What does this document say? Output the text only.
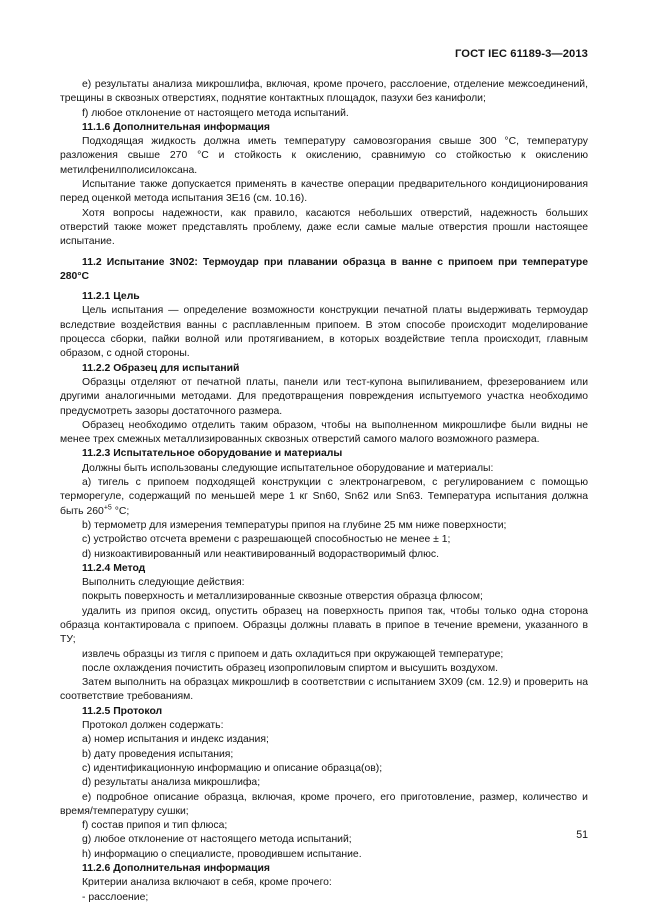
ГОСТ IEC 61189-3—2013

е) результаты анализа микрошлифа, включая, кроме прочего, расслоение, отделение межсоединений, трещины в сквозных отверстиях, поднятие контактных площадок, пазухи без канифоли;

f) любое отклонение от настоящего метода испытаний.

11.1.6 Дополнительная информация

Подходящая жидкость должна иметь температуру самовозгорания свыше 300 °С, температуру разложения свыше 270 °С и стойкость к окислению, сравнимую со стойкостью к окислению метилфенилполисилоксана.

Испытание также допускается применять в качестве операции предварительного кондиционирования перед оценкой метода испытания 3Е16 (см. 10.16).

Хотя вопросы надежности, как правило, касаются небольших отверстий, надежность больших отверстий также может представлять проблему, даже если самые малые отверстия прошли настоящее испытание.

11.2 Испытание 3N02: Термоудар при плавании образца в ванне с припоем при температуре 280°С

11.2.1 Цель

Цель испытания — определение возможности конструкции печатной платы выдерживать термоудар вследствие воздействия ванны с расплавленным припоем. В этом способе происходит моделирование процесса сборки, пайки волной или протягиванием, в которых воздействие тепла происходит, главным образом, с одной стороны.

11.2.2 Образец для испытаний

Образцы отделяют от печатной платы, панели или тест-купона выпиливанием, фрезерованием или другими аналогичными методами. Для предотвращения повреждения испытуемого участка необходимо предусмотреть зазоры достаточного размера.

Образец необходимо отделить таким образом, чтобы на выполненном микрошлифе были видны не менее трех смежных металлизированных сквозных отверстий самого малого возможного размера.

11.2.3 Испытательное оборудование и материалы

Должны быть использованы следующие испытательное оборудование и материалы:

а) тигель с припоем подходящей конструкции с электронагревом, с регулированием с помощью терморегуле, содержащий по меньшей мере 1 кг Sn60, Sn62 или Sn63. Температура испытания должна быть $260^{+5}$ °С;

b) термометр для измерения температуры припоя на глубине 25 мм ниже поверхности;

с) устройство отсчета времени с разрешающей способностью не менее ± 1;

d) низкоактивированный или неактивированный водорастворимый флюс.

11.2.4 Метод

Выполнить следующие действия:

покрыть поверхность и металлизированные сквозные отверстия образца флюсом;

удалить из припоя оксид, опустить образец на поверхность припоя так, чтобы только одна сторона образца контактировала с припоем. Образцы должны плавать в припое в течение времени, указанного в ТУ;

извлечь образцы из тигля с припоем и дать охладиться при окружающей температуре;

после охлаждения почистить образец изопропиловым спиртом и высушить воздухом.

Затем выполнить на образцах микрошлиф в соответствии с испытанием 3Х09 (см. 12.9) и проверить на соответствие требованиям.

11.2.5 Протокол

Протокол должен содержать:

а) номер испытания и индекс издания;

b) дату проведения испытания;

с) идентификационную информацию и описание образца(ов);

d) результаты анализа микрошлифа;

е) подробное описание образца, включая, кроме прочего, его приготовление, размер, количество и время/температуру сушки;

f) состав припоя и тип флюса;

g) любое отклонение от настоящего метода испытаний;

h) информацию о специалисте, проводившем испытание.

11.2.6 Дополнительная информация

Критерии анализа включают в себя, кроме прочего:

- расслоение;

51
